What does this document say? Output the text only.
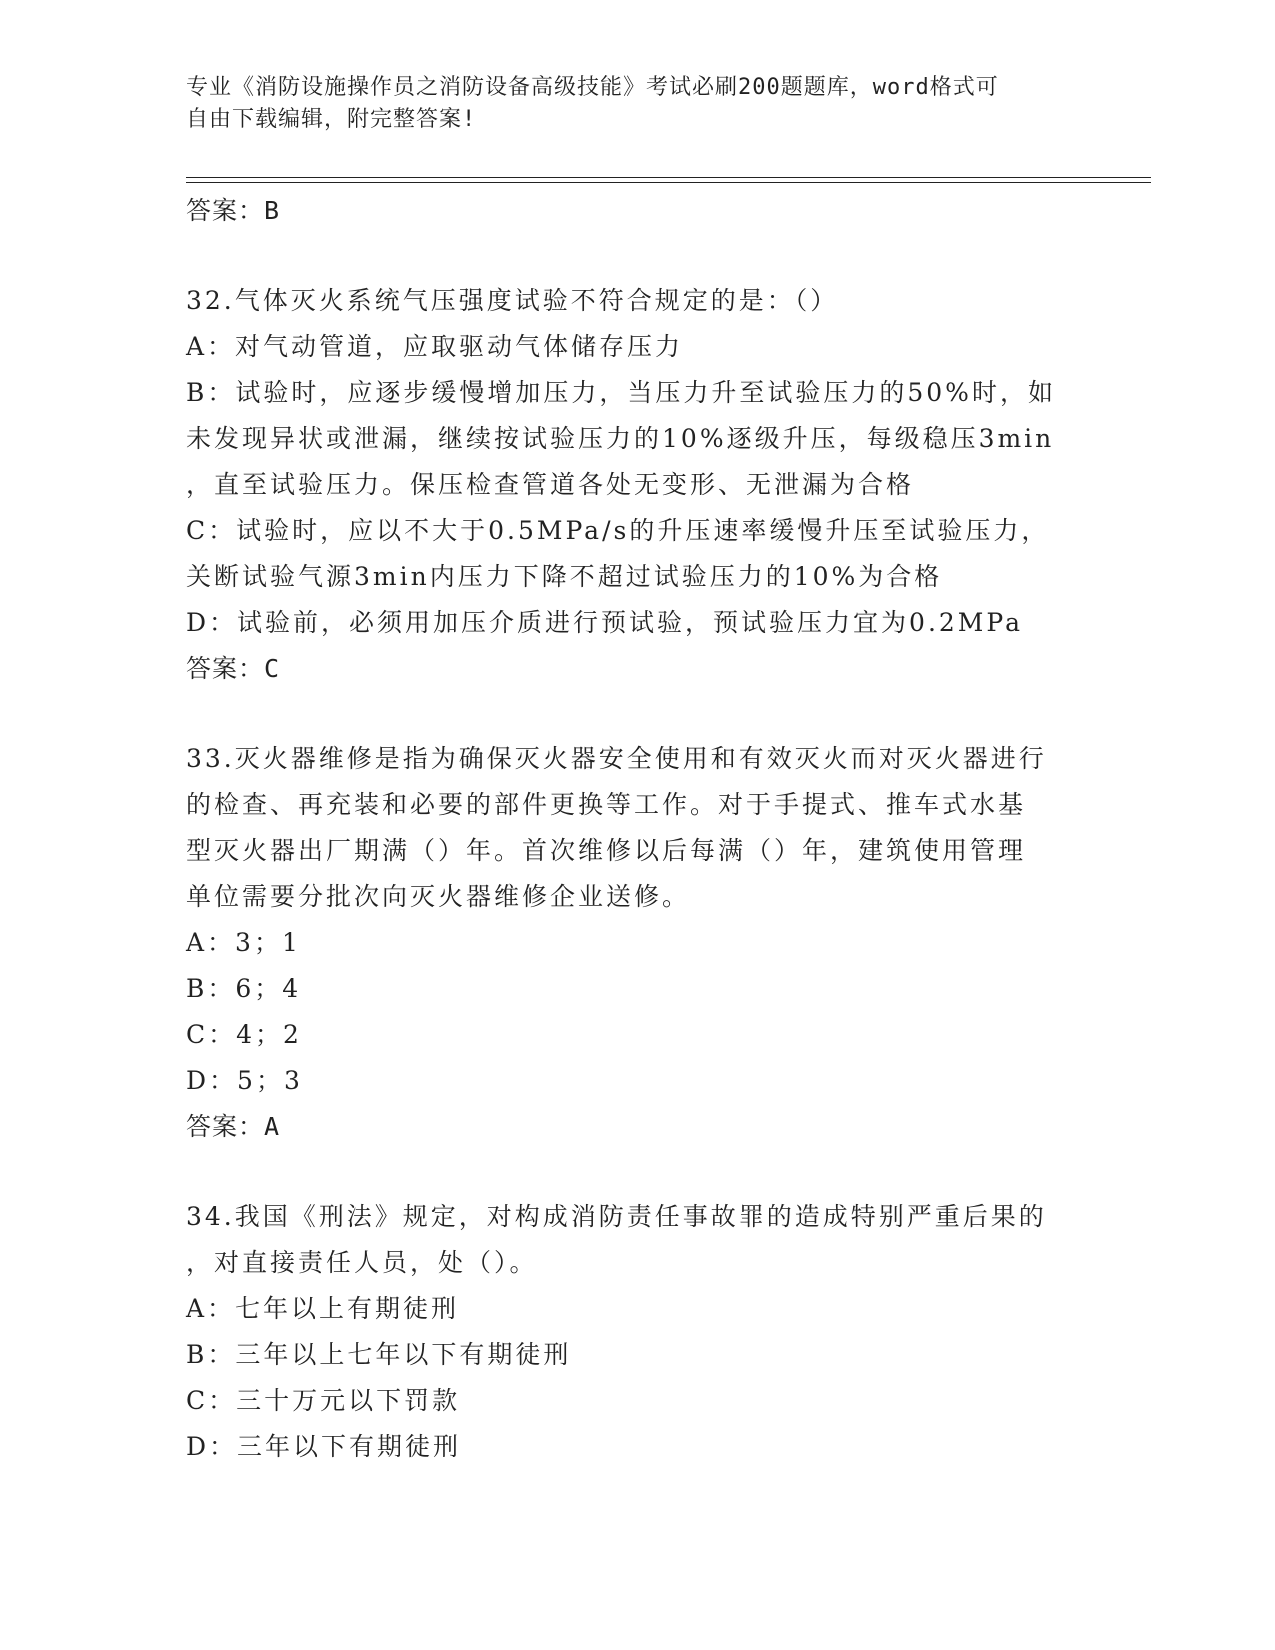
专业《消防设施操作员之消防设备高级技能》考试必刷200题题库，word格式可
自由下载编辑，附完整答案!
答案：B
32.气体灭火系统气压强度试验不符合规定的是：（）
A：对气动管道，应取驱动气体储存压力
B：试验时，应逐步缓慢增加压力，当压力升至试验压力的50%时，如
未发现异状或泄漏，继续按试验压力的10%逐级升压，每级稳压3min
，直至试验压力。保压检查管道各处无变形、无泄漏为合格
C：试验时，应以不大于0.5MPa/s的升压速率缓慢升压至试验压力，
关断试验气源3min内压力下降不超过试验压力的10%为合格
D：试验前，必须用加压介质进行预试验，预试验压力宜为0.2MPa
答案：C
33.灭火器维修是指为确保灭火器安全使用和有效灭火而对灭火器进行
的检查、再充装和必要的部件更换等工作。对于手提式、推车式水基
型灭火器出厂期满（）年。首次维修以后每满（）年，建筑使用管理
单位需要分批次向灭火器维修企业送修。
A：3；1
B：6；4
C：4；2
D：5；3
答案：A
34.我国《刑法》规定，对构成消防责任事故罪的造成特别严重后果的
，对直接责任人员，处（）。
A：七年以上有期徒刑
B：三年以上七年以下有期徒刑
C：三十万元以下罚款
D：三年以下有期徒刑
